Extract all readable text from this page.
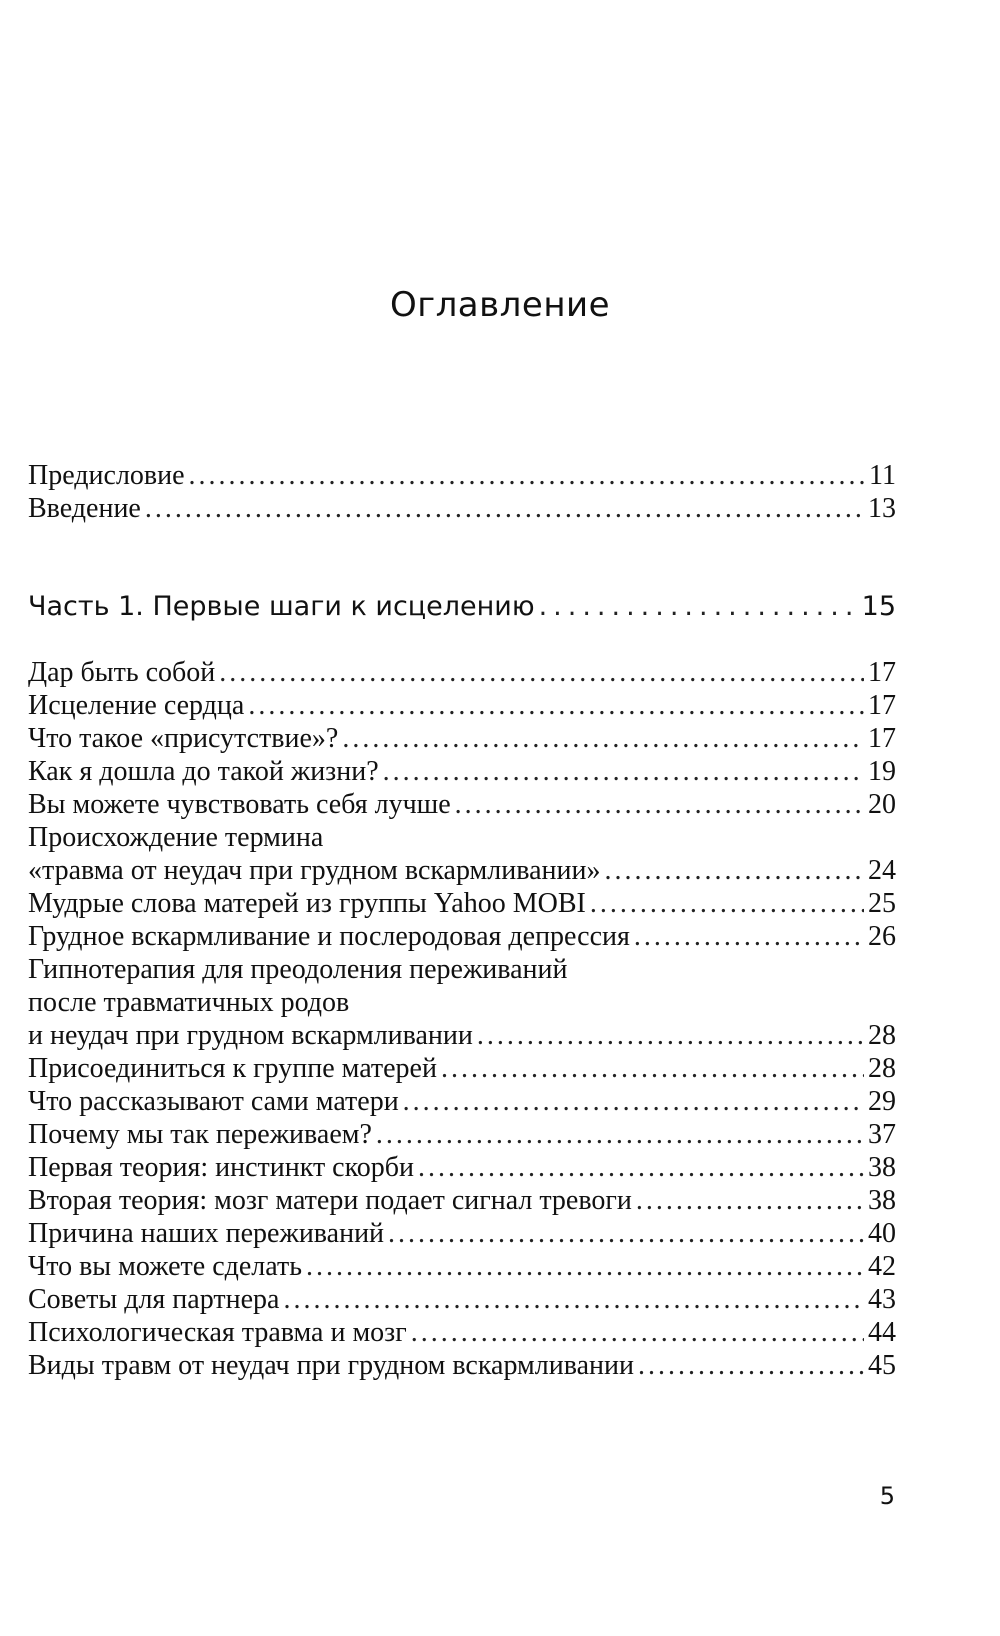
Оглавление
Предисловие .....	11
Введение .....	13
Часть 1. Первые шаги к исцелению .....	15
Дар быть собой .....	17
Исцеление сердца .....	17
Что такое «присутствие»? .....	17
Как я дошла до такой жизни? .....	19
Вы можете чувствовать себя лучше .....	20
Происхождение термина
«травма от неудач при грудном вскармливании» .....	24
Мудрые слова матерей из группы Yahoo MOBI .....	25
Грудное вскармливание и послеродовая депрессия .....	26
Гипнотерапия для преодоления переживаний
после травматичных родов
и неудач при грудном вскармливании .....	28
Присоединиться к группе матерей .....	28
Что рассказывают сами матери .....	29
Почему мы так переживаем? .....	37
Первая теория: инстинкт скорби .....	38
Вторая теория: мозг матери подает сигнал тревоги .....	38
Причина наших переживаний .....	40
Что вы можете сделать .....	42
Советы для партнера .....	43
Психологическая травма и мозг .....	44
Виды травм от неудач при грудном вскармливании .....	45
5
